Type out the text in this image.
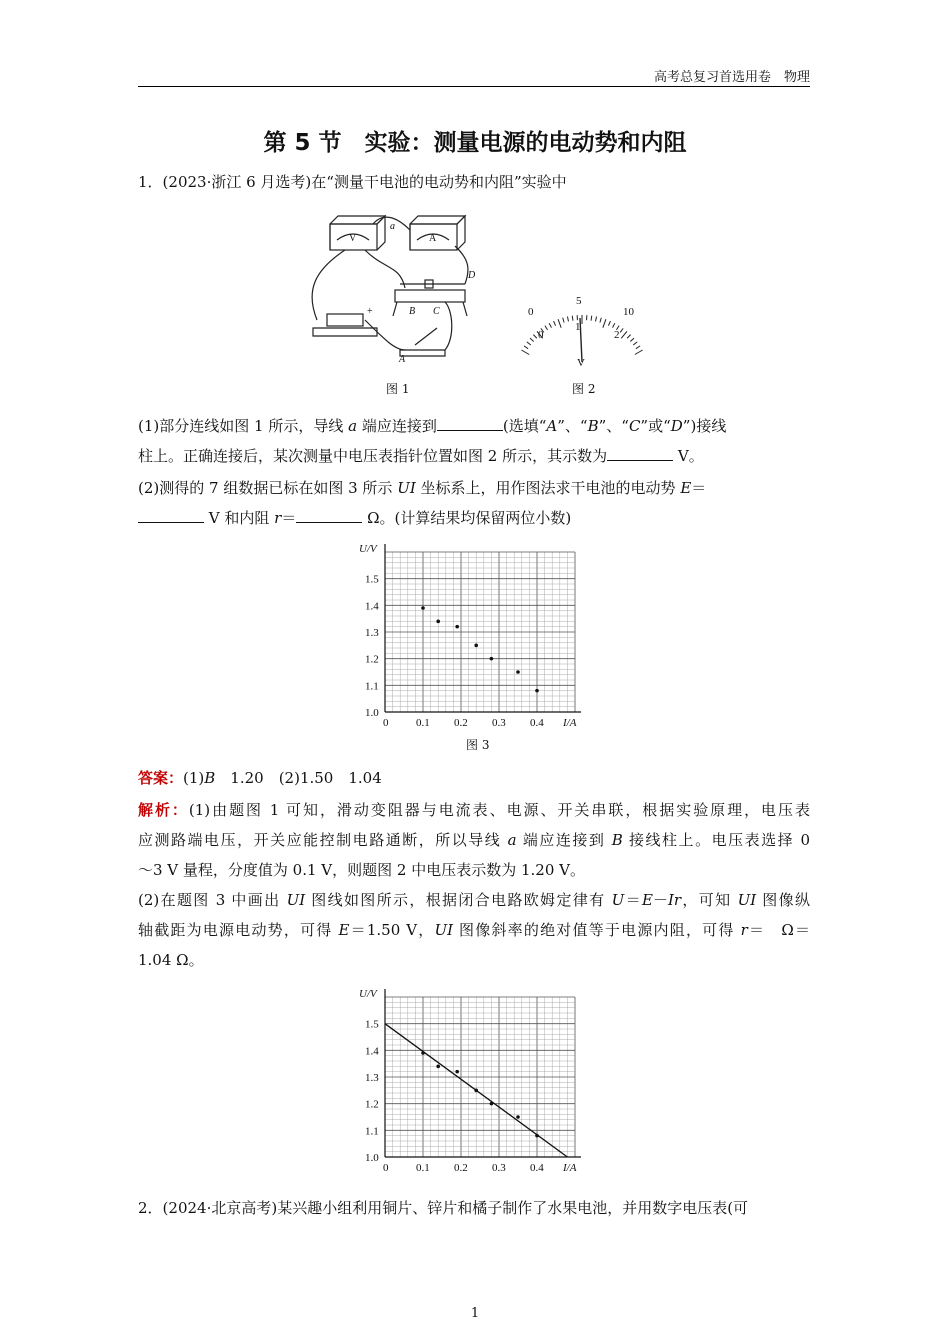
高考总复习首选用卷　物理
第 5 节　实验：测量电源的电动势和内阻
1．(2023·浙江 6 月选考)在“测量干电池的电动势和内阻”实验中
V	A
a
D
B C
A
+
图 1
0
5
10
0
1
2
V
图 2
(1)部分连线如图 1 所示，导线 a 端应连接到	(选填“A”、“B”、“C”或“D”)接线
柱上。正确连接后，某次测量中电压表指针位置如图 2 所示，其示数为	V。
(2)测得的 7 组数据已标在如图 3 所示 UI 坐标系上，用作图法求干电池的电动势 E＝
V 和内阻 r＝	Ω。(计算结果均保留两位小数)
0	0.1 0.2 0.3 0.4
1.0
1.1
1.2
1.3
1.4
1.5
U/V
I/A
图 3
答案：(1)B　1.20　(2)1.50　1.04
解析：(1)由题图 1 可知，滑动变阻器与电流表、电源、开关串联，根据实验原理，电压表
应测路端电压，开关应能控制电路通断，所以导线 a 端应连接到 B 接线柱上。电压表选择 0
～3 V 量程，分度值为 0.1 V，则题图 2 中电压表示数为 1.20 V。
(2)在题图 3 中画出 UI 图线如图所示，根据闭合电路欧姆定律有 U＝E－Ir，可知 UI 图像纵
轴截距为电源电动势，可得 E＝1.50 V，UI 图像斜率的绝对值等于电源内阻，可得 r＝　Ω＝
1.04 Ω。
0	0.1 0.2 0.3 0.4
1.0
1.1
1.2
1.3
1.4
1.5
U/V
I/A
2．(2024·北京高考)某兴趣小组利用铜片、锌片和橘子制作了水果电池，并用数字电压表(可
1
